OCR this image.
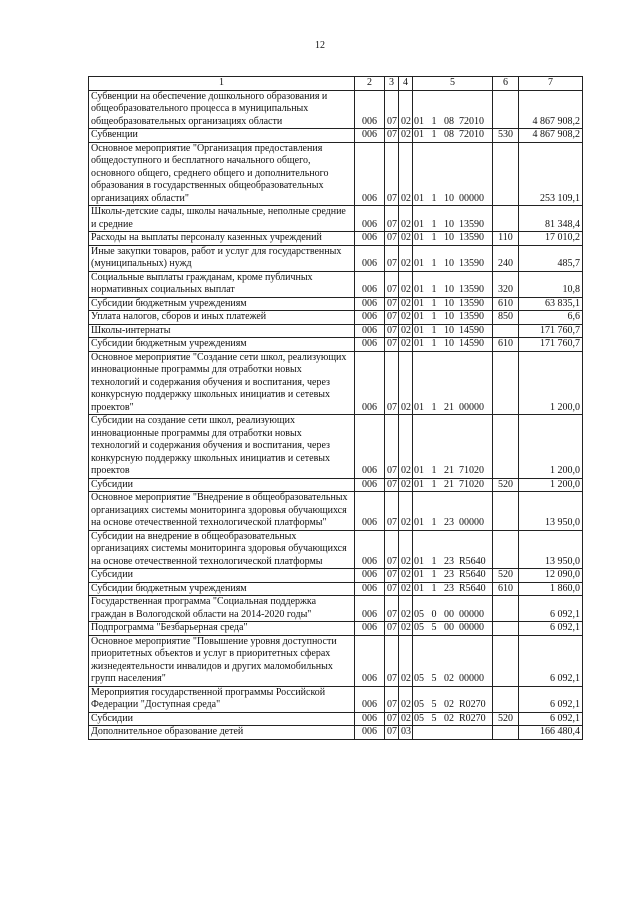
12
1	2	3	4	5	6	7
Субвенции на обеспечение дошкольного образования и общеобразовательного процесса в муниципальных общеобразовательных организациях области	006	07	02	01   1   08  72010		4 867 908,2
Субвенции	006	07	02	01   1   08  72010	530	4 867 908,2
Основное мероприятие "Организация предоставления общедоступного и бесплатного начального общего, основного общего, среднего общего и дополнительного образования в государственных общеобразовательных организациях области"	006	07	02	01   1   10  00000		253 109,1
Школы-детские сады, школы начальные, неполные средние и средние	006	07	02	01   1   10  13590		81 348,4
Расходы на выплаты персоналу казенных учреждений	006	07	02	01   1   10  13590	110	17 010,2
Иные закупки товаров, работ и услуг для государственных (муниципальных) нужд	006	07	02	01   1   10  13590	240	485,7
Социальные выплаты гражданам, кроме публичных нормативных социальных выплат	006	07	02	01   1   10  13590	320	10,8
Субсидии бюджетным учреждениям	006	07	02	01   1   10  13590	610	63 835,1
Уплата налогов, сборов и иных платежей	006	07	02	01   1   10  13590	850	6,6
Школы-интернаты	006	07	02	01   1   10  14590		171 760,7
Субсидии бюджетным учреждениям	006	07	02	01   1   10  14590	610	171 760,7
Основное мероприятие "Создание сети школ, реализующих инновационные программы для отработки новых технологий и содержания обучения и воспитания, через конкурсную поддержку школьных инициатив и сетевых проектов"	006	07	02	01   1   21  00000		1 200,0
Субсидии на создание сети школ, реализующих инновационные программы для отработки новых технологий и содержания обучения и воспитания, через конкурсную поддержку школьных инициатив и сетевых проектов	006	07	02	01   1   21  71020		1 200,0
Субсидии	006	07	02	01   1   21  71020	520	1 200,0
Основное мероприятие "Внедрение в общеобразовательных организациях системы мониторинга здоровья обучающихся на основе отечественной технологической платформы"	006	07	02	01   1   23  00000		13 950,0
Субсидии на внедрение в общеобразовательных организациях системы мониторинга здоровья обучающихся на основе отечественной технологической платформы	006	07	02	01   1   23  R5640		13 950,0
Субсидии	006	07	02	01   1   23  R5640	520	12 090,0
Субсидии бюджетным учреждениям	006	07	02	01   1   23  R5640	610	1 860,0
Государственная программа "Социальная поддержка граждан в Вологодской области на 2014-2020 годы"	006	07	02	05   0   00  00000		6 092,1
Подпрограмма "Безбарьерная среда"	006	07	02	05   5   00  00000		6 092,1
Основное мероприятие "Повышение уровня доступности приоритетных объектов и услуг в приоритетных сферах жизнедеятельности инвалидов и других маломобильных групп населения"	006	07	02	05   5   02  00000		6 092,1
Мероприятия государственной программы Российской Федерации "Доступная среда"	006	07	02	05   5   02  R0270		6 092,1
Субсидии	006	07	02	05   5   02  R0270	520	6 092,1
Дополнительное образование детей	006	07	03			166 480,4
